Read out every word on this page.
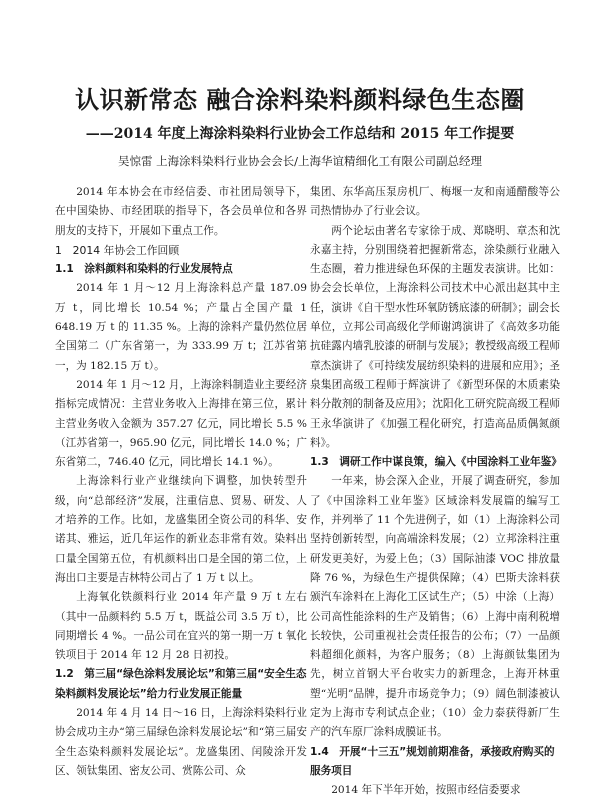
认识新常态 融合涂料染料颜料绿色生态圈
——2014 年度上海涂料染料行业协会工作总结和 2015 年工作提要
吴惊雷 上海涂料染料行业协会会长/上海华谊精细化工有限公司副总经理

2014 年本协会在市经信委、市社团局领导下，在中国染协、市经团联的指导下，各会员单位和各界朋友的支持下，开展如下重点工作。

1　2014 年协会工作回顾
1.1　涂料颜料和染料的行业发展特点

2014 年 1 月～12 月上海涂料总产量 187.09 万 t，同比增长 10.54 %；产量占全国产量 1 648.19 万 t 的 11.35 %。上海的涂料产量仍然位居全国第二（广东省第一，为 333.99 万 t；江苏省第一，为 182.15 万 t）。

2014 年 1 月～12 月，上海涂料制造业主要经济指标完成情况：主营业务收入上海排在第三位，累计主营业务收入金额为 357.27 亿元，同比增长 5.5 %（江苏省第一，965.90 亿元，同比增长 14.0 %；广东省第二，746.40 亿元，同比增长 14.1 %）。

上海涂料行业产业继续向下调整，加快转型升级，向“总部经济”发展，注重信息、贸易、研发、人才培养的工作。比如，龙盛集团全资公司的科华、安诺其、雅运，近几年运作的新业态非常有效。染料出口量全国第五位，有机颜料出口是全国的第二位，上海出口主要是吉林特公司占了 1 万 t 以上。

上海氧化铁颜料行业 2014 年产量 9 万 t 左右（其中一品颜料约 5.5 万 t，既益公司 3.5 万 t），比同期增长 4 %。一品公司在宜兴的第一期一万 t 氧化铁项目于 2014 年 12 月 28 日初投。

1.2　第三届“绿色涂料发展论坛”和第三届“安全生态染料颜料发展论坛”给力行业发展正能量

2014 年 4 月 14 日～16 日，上海涂料染料行业协会成功主办“第三届绿色涂料发展论坛”和“第三届安全生态染料颜料发展论坛”。龙盛集团、闰陵涂开发区、领钛集团、密友公司、赏陈公司、众

集团、东华高压泵房机厂、梅堰一友和南通醋酸等公司热情协办了行业会议。

两个论坛由著名专家徐于成、郑晓明、章杰和沈永嘉主持，分别围绕着把握新常态，涂染颜行业融入生态圈，着力推进绿色环保的主题发表演讲。比如：协会会长单位，上海涂料公司技术中心派出赵其中主任，演讲《自干型水性环氧防锈底漆的研制》；副会长单位，立邦公司高级化学师谢鸿演讲了《高效多功能抗硅露内墙乳胶漆的研制与发展》；教授级高级工程师章杰演讲了《可持续发展纺织染料的进展和应用》；圣泉集团高级工程师于辉演讲了《新型环保的木质素染料分散剂的制备及应用》；沈阳化工研究院高级工程师王永华演讲了《加强工程化研究，打造高品质偶氮颜料》。

1.3　调研工作中谋良策，编入《中国涂料工业年鉴》

一年来，协会深入企业，开展了调查研究，参加了《中国涂料工业年鉴》区域涂料发展篇的编写工作，并列举了 11 个先进例子，如（1）上海涂料公司坚持创新转型，向高端涂料发展；（2）立邦涂料注重研发更美好，为爱上色；（3）国际油漆 VOC 排放量降 76 %，为绿色生产提供保障；（4）巴斯夫涂料获颁汽车涂料在上海化工区试生产；（5）中涂（上海）公司高性能涂料的生产及销售；（6）上海中南利税增长较快，公司重视社会责任报告的公布；（7）一品颜料超细化颜料，为客户服务；（8）上海颜钛集团为先，树立首钢大平台收实力的新理念，上海开林重塑“光明”品牌，提升市场竞争力；（9）阔色制漆被认定为上海市专利试点企业；（10）金力泰获得新厂生产的汽车原厂涂料成膜证书。

1.4　开展“十三五”规划前期准备，承接政府购买的服务项目

2014 年下半年开始，按照市经信委要求
